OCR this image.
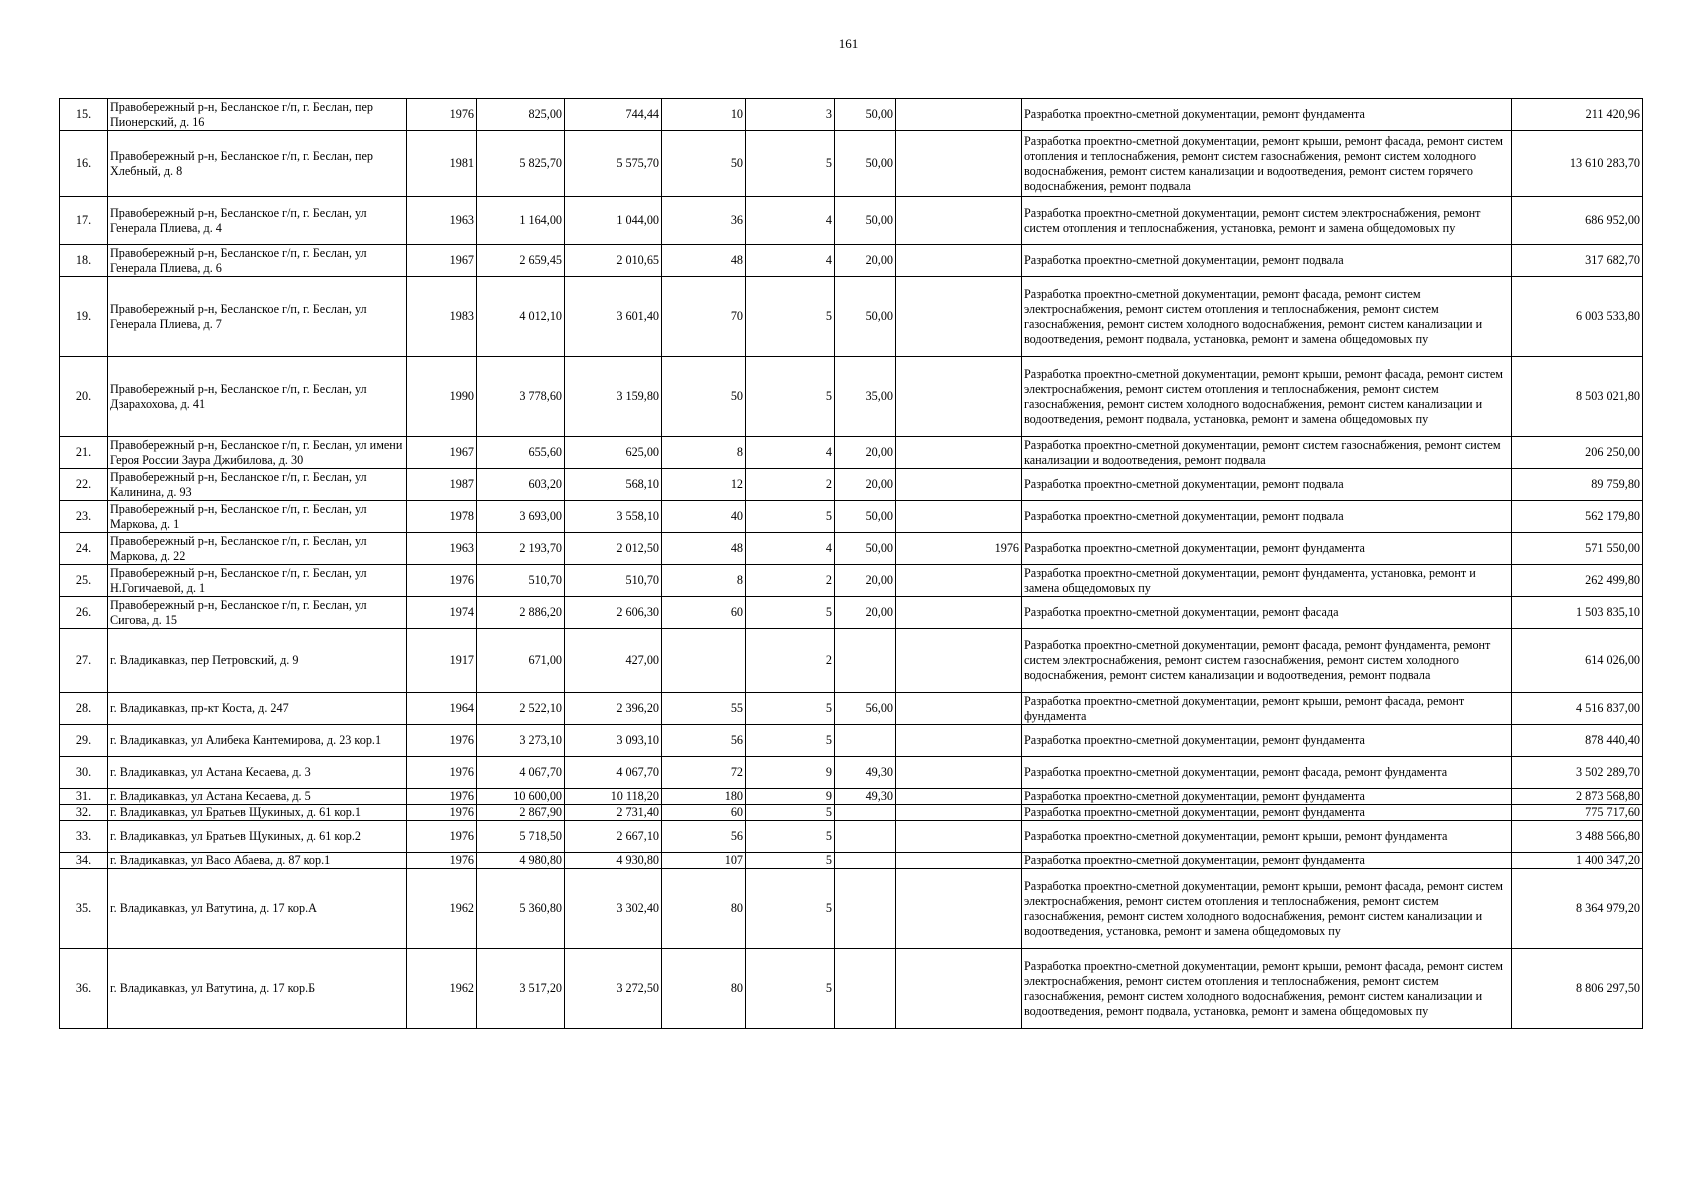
161
15.	Правобережный р-н, Бесланское г/п, г. Беслан, пер Пионерский, д. 16	1976	825,00	744,44	10	3	50,00		Разработка проектно-сметной документации, ремонт фундамента	211 420,96
16.	Правобережный р-н, Бесланское г/п, г. Беслан, пер Хлебный, д. 8	1981	5 825,70	5 575,70	50	5	50,00		Разработка проектно-сметной документации, ремонт крыши, ремонт фасада, ремонт систем отопления и теплоснабжения, ремонт систем газоснабжения, ремонт систем холодного водоснабжения, ремонт систем канализации и водоотведения, ремонт систем горячего водоснабжения, ремонт подвала	13 610 283,70
17.	Правобережный р-н, Бесланское г/п, г. Беслан, ул Генерала Плиева, д. 4	1963	1 164,00	1 044,00	36	4	50,00		Разработка проектно-сметной документации, ремонт систем электроснабжения, ремонт систем отопления и теплоснабжения, установка, ремонт и замена общедомовых пу	686 952,00
18.	Правобережный р-н, Бесланское г/п, г. Беслан, ул Генерала Плиева, д. 6	1967	2 659,45	2 010,65	48	4	20,00		Разработка проектно-сметной документации, ремонт подвала	317 682,70
19.	Правобережный р-н, Бесланское г/п, г. Беслан, ул Генерала Плиева, д. 7	1983	4 012,10	3 601,40	70	5	50,00		Разработка проектно-сметной документации, ремонт фасада, ремонт систем электроснабжения, ремонт систем отопления и теплоснабжения, ремонт систем газоснабжения, ремонт систем холодного водоснабжения, ремонт систем канализации и водоотведения, ремонт подвала, установка, ремонт и замена общедомовых пу	6 003 533,80
20.	Правобережный р-н, Бесланское г/п, г. Беслан, ул Дзарахохова, д. 41	1990	3 778,60	3 159,80	50	5	35,00		Разработка проектно-сметной документации, ремонт крыши, ремонт фасада, ремонт систем электроснабжения, ремонт систем отопления и теплоснабжения, ремонт систем газоснабжения, ремонт систем холодного водоснабжения, ремонт систем канализации и водоотведения, ремонт подвала, установка, ремонт и замена общедомовых пу	8 503 021,80
21.	Правобережный р-н, Бесланское г/п, г. Беслан, ул имени Героя России Заура Джибилова, д. 30	1967	655,60	625,00	8	4	20,00		Разработка проектно-сметной документации, ремонт систем газоснабжения, ремонт систем канализации и водоотведения, ремонт подвала	206 250,00
22.	Правобережный р-н, Бесланское г/п, г. Беслан, ул Калинина, д. 93	1987	603,20	568,10	12	2	20,00		Разработка проектно-сметной документации, ремонт подвала	89 759,80
23.	Правобережный р-н, Бесланское г/п, г. Беслан, ул Маркова, д. 1	1978	3 693,00	3 558,10	40	5	50,00		Разработка проектно-сметной документации, ремонт подвала	562 179,80
24.	Правобережный р-н, Бесланское г/п, г. Беслан, ул Маркова, д. 22	1963	2 193,70	2 012,50	48	4	50,00	1976	Разработка проектно-сметной документации, ремонт фундамента	571 550,00
25.	Правобережный р-н, Бесланское г/п, г. Беслан, ул Н.Гогичаевой, д. 1	1976	510,70	510,70	8	2	20,00		Разработка проектно-сметной документации, ремонт фундамента, установка, ремонт и замена общедомовых пу	262 499,80
26.	Правобережный р-н, Бесланское г/п, г. Беслан, ул Сигова, д. 15	1974	2 886,20	2 606,30	60	5	20,00		Разработка проектно-сметной документации, ремонт фасада	1 503 835,10
27.	г. Владикавказ, пер Петровский, д. 9	1917	671,00	427,00		2			Разработка проектно-сметной документации, ремонт фасада, ремонт фундамента, ремонт систем электроснабжения, ремонт систем газоснабжения, ремонт систем холодного водоснабжения, ремонт систем канализации и водоотведения, ремонт подвала	614 026,00
28.	г. Владикавказ, пр-кт Коста, д. 247	1964	2 522,10	2 396,20	55	5	56,00		Разработка проектно-сметной документации, ремонт крыши, ремонт фасада, ремонт фундамента	4 516 837,00
29.	г. Владикавказ, ул Алибека Кантемирова, д. 23 кор.1	1976	3 273,10	3 093,10	56	5			Разработка проектно-сметной документации, ремонт фундамента	878 440,40
30.	г. Владикавказ, ул Астана Кесаева, д. 3	1976	4 067,70	4 067,70	72	9	49,30		Разработка проектно-сметной документации, ремонт фасада, ремонт фундамента	3 502 289,70
31.	г. Владикавказ, ул Астана Кесаева, д. 5	1976	10 600,00	10 118,20	180	9	49,30		Разработка проектно-сметной документации, ремонт фундамента	2 873 568,80
32.	г. Владикавказ, ул Братьев Щукиных, д. 61 кор.1	1976	2 867,90	2 731,40	60	5			Разработка проектно-сметной документации, ремонт фундамента	775 717,60
33.	г. Владикавказ, ул Братьев Щукиных, д. 61 кор.2	1976	5 718,50	2 667,10	56	5			Разработка проектно-сметной документации, ремонт крыши, ремонт фундамента	3 488 566,80
34.	г. Владикавказ, ул Васо Абаева, д. 87 кор.1	1976	4 980,80	4 930,80	107	5			Разработка проектно-сметной документации, ремонт фундамента	1 400 347,20
35.	г. Владикавказ, ул Ватутина, д. 17 кор.А	1962	5 360,80	3 302,40	80	5			Разработка проектно-сметной документации, ремонт крыши, ремонт фасада, ремонт систем электроснабжения, ремонт систем отопления и теплоснабжения, ремонт систем газоснабжения, ремонт систем холодного водоснабжения, ремонт систем канализации и водоотведения, установка, ремонт и замена общедомовых пу	8 364 979,20
36.	г. Владикавказ, ул Ватутина, д. 17 кор.Б	1962	3 517,20	3 272,50	80	5			Разработка проектно-сметной документации, ремонт крыши, ремонт фасада, ремонт систем электроснабжения, ремонт систем отопления и теплоснабжения, ремонт систем газоснабжения, ремонт систем холодного водоснабжения, ремонт систем канализации и водоотведения, ремонт подвала, установка, ремонт и замена общедомовых пу	8 806 297,50
